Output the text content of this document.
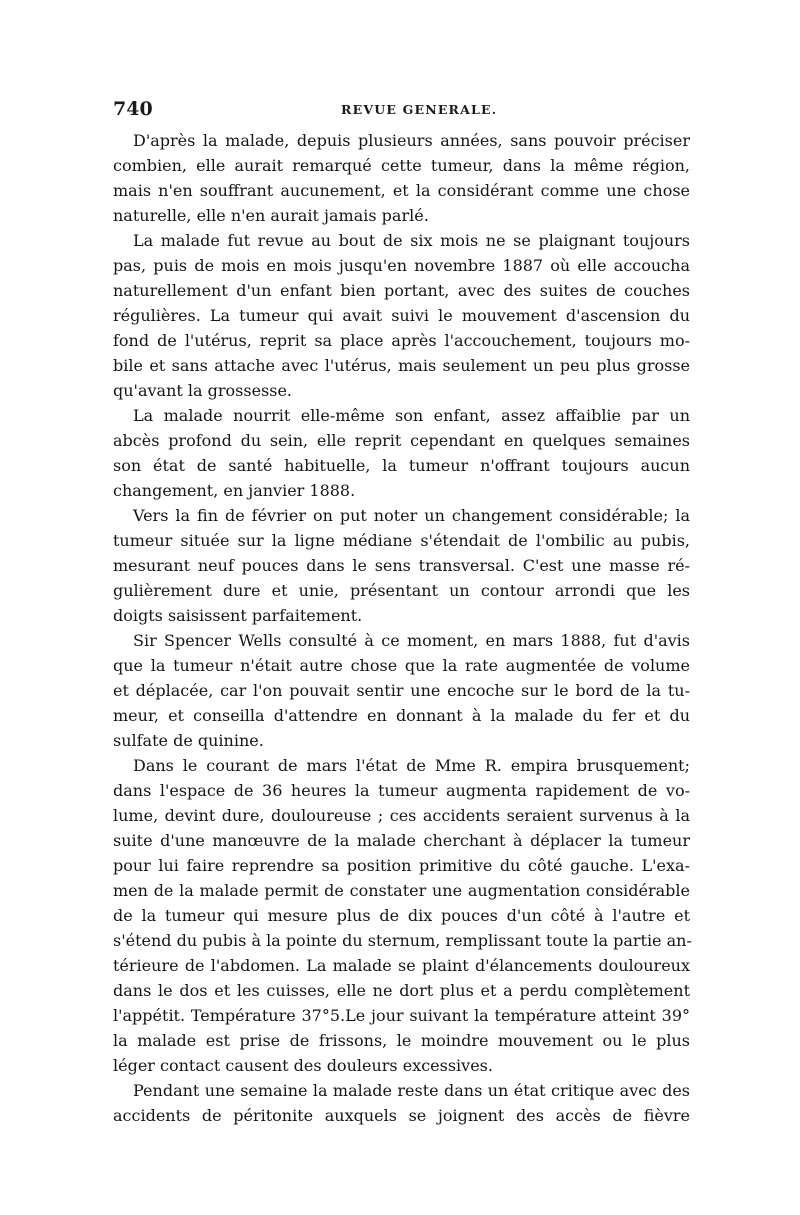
740	REVUE GENERALE.
D'après la malade, depuis plusieurs années, sans pouvoir préciser
combien, elle aurait remarqué cette tumeur, dans la même région,
mais n'en souffrant aucunement, et la considérant comme une chose
naturelle, elle n'en aurait jamais parlé.
La malade fut revue au bout de six mois ne se plaignant toujours
pas, puis de mois en mois jusqu'en novembre 1887 où elle accoucha
naturellement d'un enfant bien portant, avec des suites de couches
régulières. La tumeur qui avait suivi le mouvement d'ascension du
fond de l'utérus, reprit sa place après l'accouchement, toujours mo-
bile et sans attache avec l'utérus, mais seulement un peu plus grosse
qu'avant la grossesse.
La malade nourrit elle-même son enfant, assez affaiblie par un
abcès profond du sein, elle reprit cependant en quelques semaines
son état de santé habituelle, la tumeur n'offrant toujours aucun
changement, en janvier 1888.
Vers la fin de février on put noter un changement considérable; la
tumeur située sur la ligne médiane s'étendait de l'ombilic au pubis,
mesurant neuf pouces dans le sens transversal. C'est une masse ré-
gulièrement dure et unie, présentant un contour arrondi que les
doigts saisissent parfaitement.
Sir Spencer Wells consulté à ce moment, en mars 1888, fut d'avis
que la tumeur n'était autre chose que la rate augmentée de volume
et déplacée, car l'on pouvait sentir une encoche sur le bord de la tu-
meur, et conseilla d'attendre en donnant à la malade du fer et du
sulfate de quinine.
Dans le courant de mars l'état de Mme R. empira brusquement;
dans l'espace de 36 heures la tumeur augmenta rapidement de vo-
lume, devint dure, douloureuse ; ces accidents seraient survenus à la
suite d'une manœuvre de la malade cherchant à déplacer la tumeur
pour lui faire reprendre sa position primitive du côté gauche. L'exa-
men de la malade permit de constater une augmentation considérable
de la tumeur qui mesure plus de dix pouces d'un côté à l'autre et
s'étend du pubis à la pointe du sternum, remplissant toute la partie an-
térieure de l'abdomen. La malade se plaint d'élancements douloureux
dans le dos et les cuisses, elle ne dort plus et a perdu complètement
l'appétit. Température 37°5.Le jour suivant la température atteint 39°
la malade est prise de frissons, le moindre mouvement ou le plus
léger contact causent des douleurs excessives.
Pendant une semaine la malade reste dans un état critique avec des
accidents de péritonite auxquels se joignent des accès de fièvre
